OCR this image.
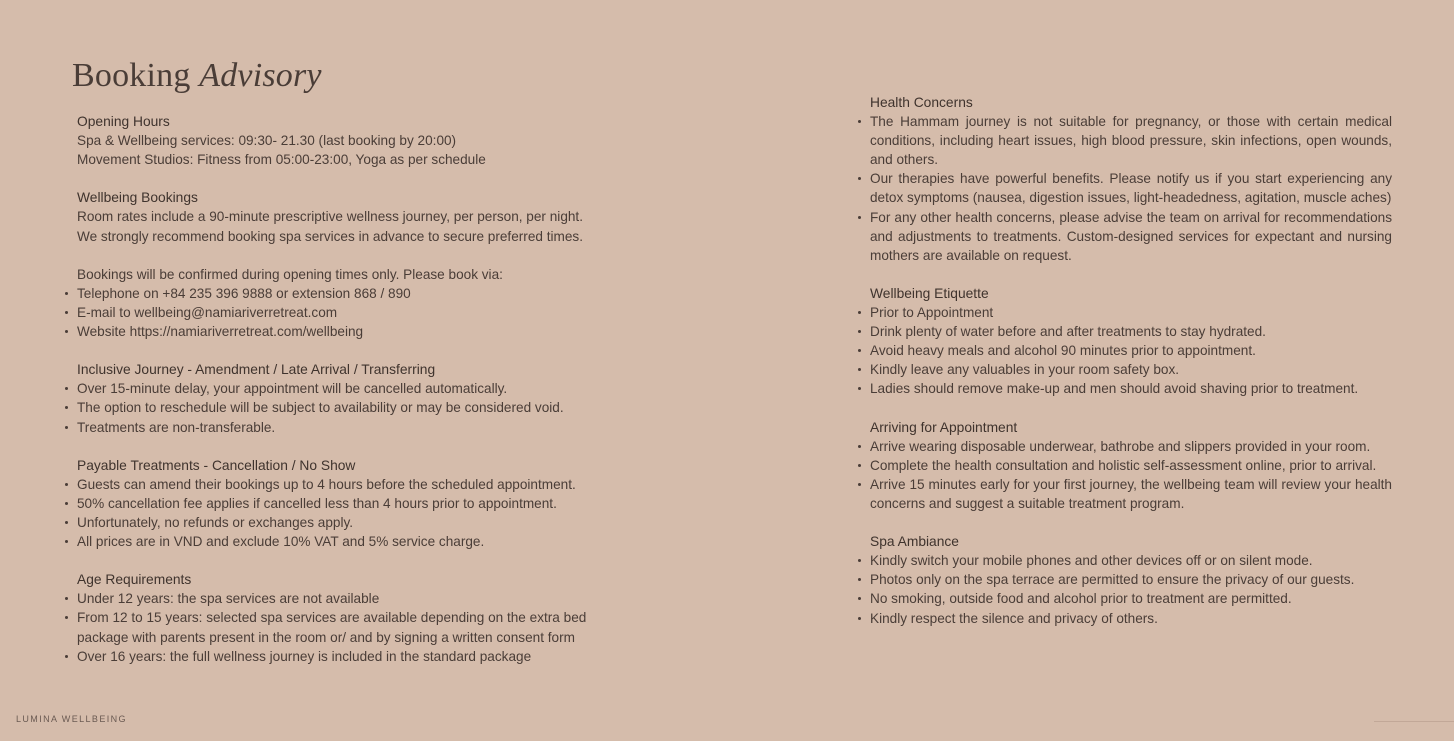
Booking Advisory
Opening Hours

Spa & Wellbeing services: 09:30- 21.30 (last booking by 20:00)

Movement Studios: Fitness from 05:00-23:00, Yoga as per schedule

Wellbeing Bookings

Room rates include a 90-minute prescriptive wellness journey, per person, per night.

We strongly recommend booking spa services in advance to secure preferred times.

Bookings will be confirmed during opening times only. Please book via:

Telephone on +84 235 396 9888 or extension 868 / 890
E-mail to wellbeing@namiariverretreat.com
Website https://namiariverretreat.com/wellbeing
Inclusive Journey - Amendment / Late Arrival / Transferring
Over 15-minute delay, your appointment will be cancelled automatically.
The option to reschedule will be subject to availability or may be considered void.
Treatments are non-transferable.
Payable Treatments - Cancellation / No Show
Guests can amend their bookings up to 4 hours before the scheduled appointment.
50% cancellation fee applies if cancelled less than 4 hours prior to appointment.
Unfortunately, no refunds or exchanges apply.
All prices are in VND and exclude 10% VAT and 5% service charge.
Age Requirements
Under 12 years: the spa services are not available
From 12 to 15 years: selected spa services are available depending on the extra bed package with parents present in the room or/ and by signing a written consent form
Over 16 years: the full wellness journey is included in the standard package
Health Concerns
The Hammam journey is not suitable for pregnancy, or those with certain medical conditions, including heart issues, high blood pressure, skin infections, open wounds, and others.
Our therapies have powerful benefits. Please notify us if you start experiencing any detox symptoms (nausea, digestion issues, light-headedness, agitation, muscle aches)
For any other health concerns, please advise the team on arrival for recommendations and adjustments to treatments. Custom-designed services for expectant and nursing mothers are available on request.
Wellbeing Etiquette
Prior to Appointment
Drink plenty of water before and after treatments to stay hydrated.
Avoid heavy meals and alcohol 90 minutes prior to appointment.
Kindly leave any valuables in your room safety box.
Ladies should remove make-up and men should avoid shaving prior to treatment.
Arriving for Appointment
Arrive wearing disposable underwear, bathrobe and slippers provided in your room.
Complete the health consultation and holistic self-assessment online, prior to arrival.
Arrive 15 minutes early for your first journey, the wellbeing team will review your health concerns and suggest a suitable treatment program.
Spa Ambiance
Kindly switch your mobile phones and other devices off or on silent mode.
Photos only on the spa terrace are permitted to ensure the privacy of our guests.
No smoking, outside food and alcohol prior to treatment are permitted.
Kindly respect the silence and privacy of others.
LUMINA WELLBEING
